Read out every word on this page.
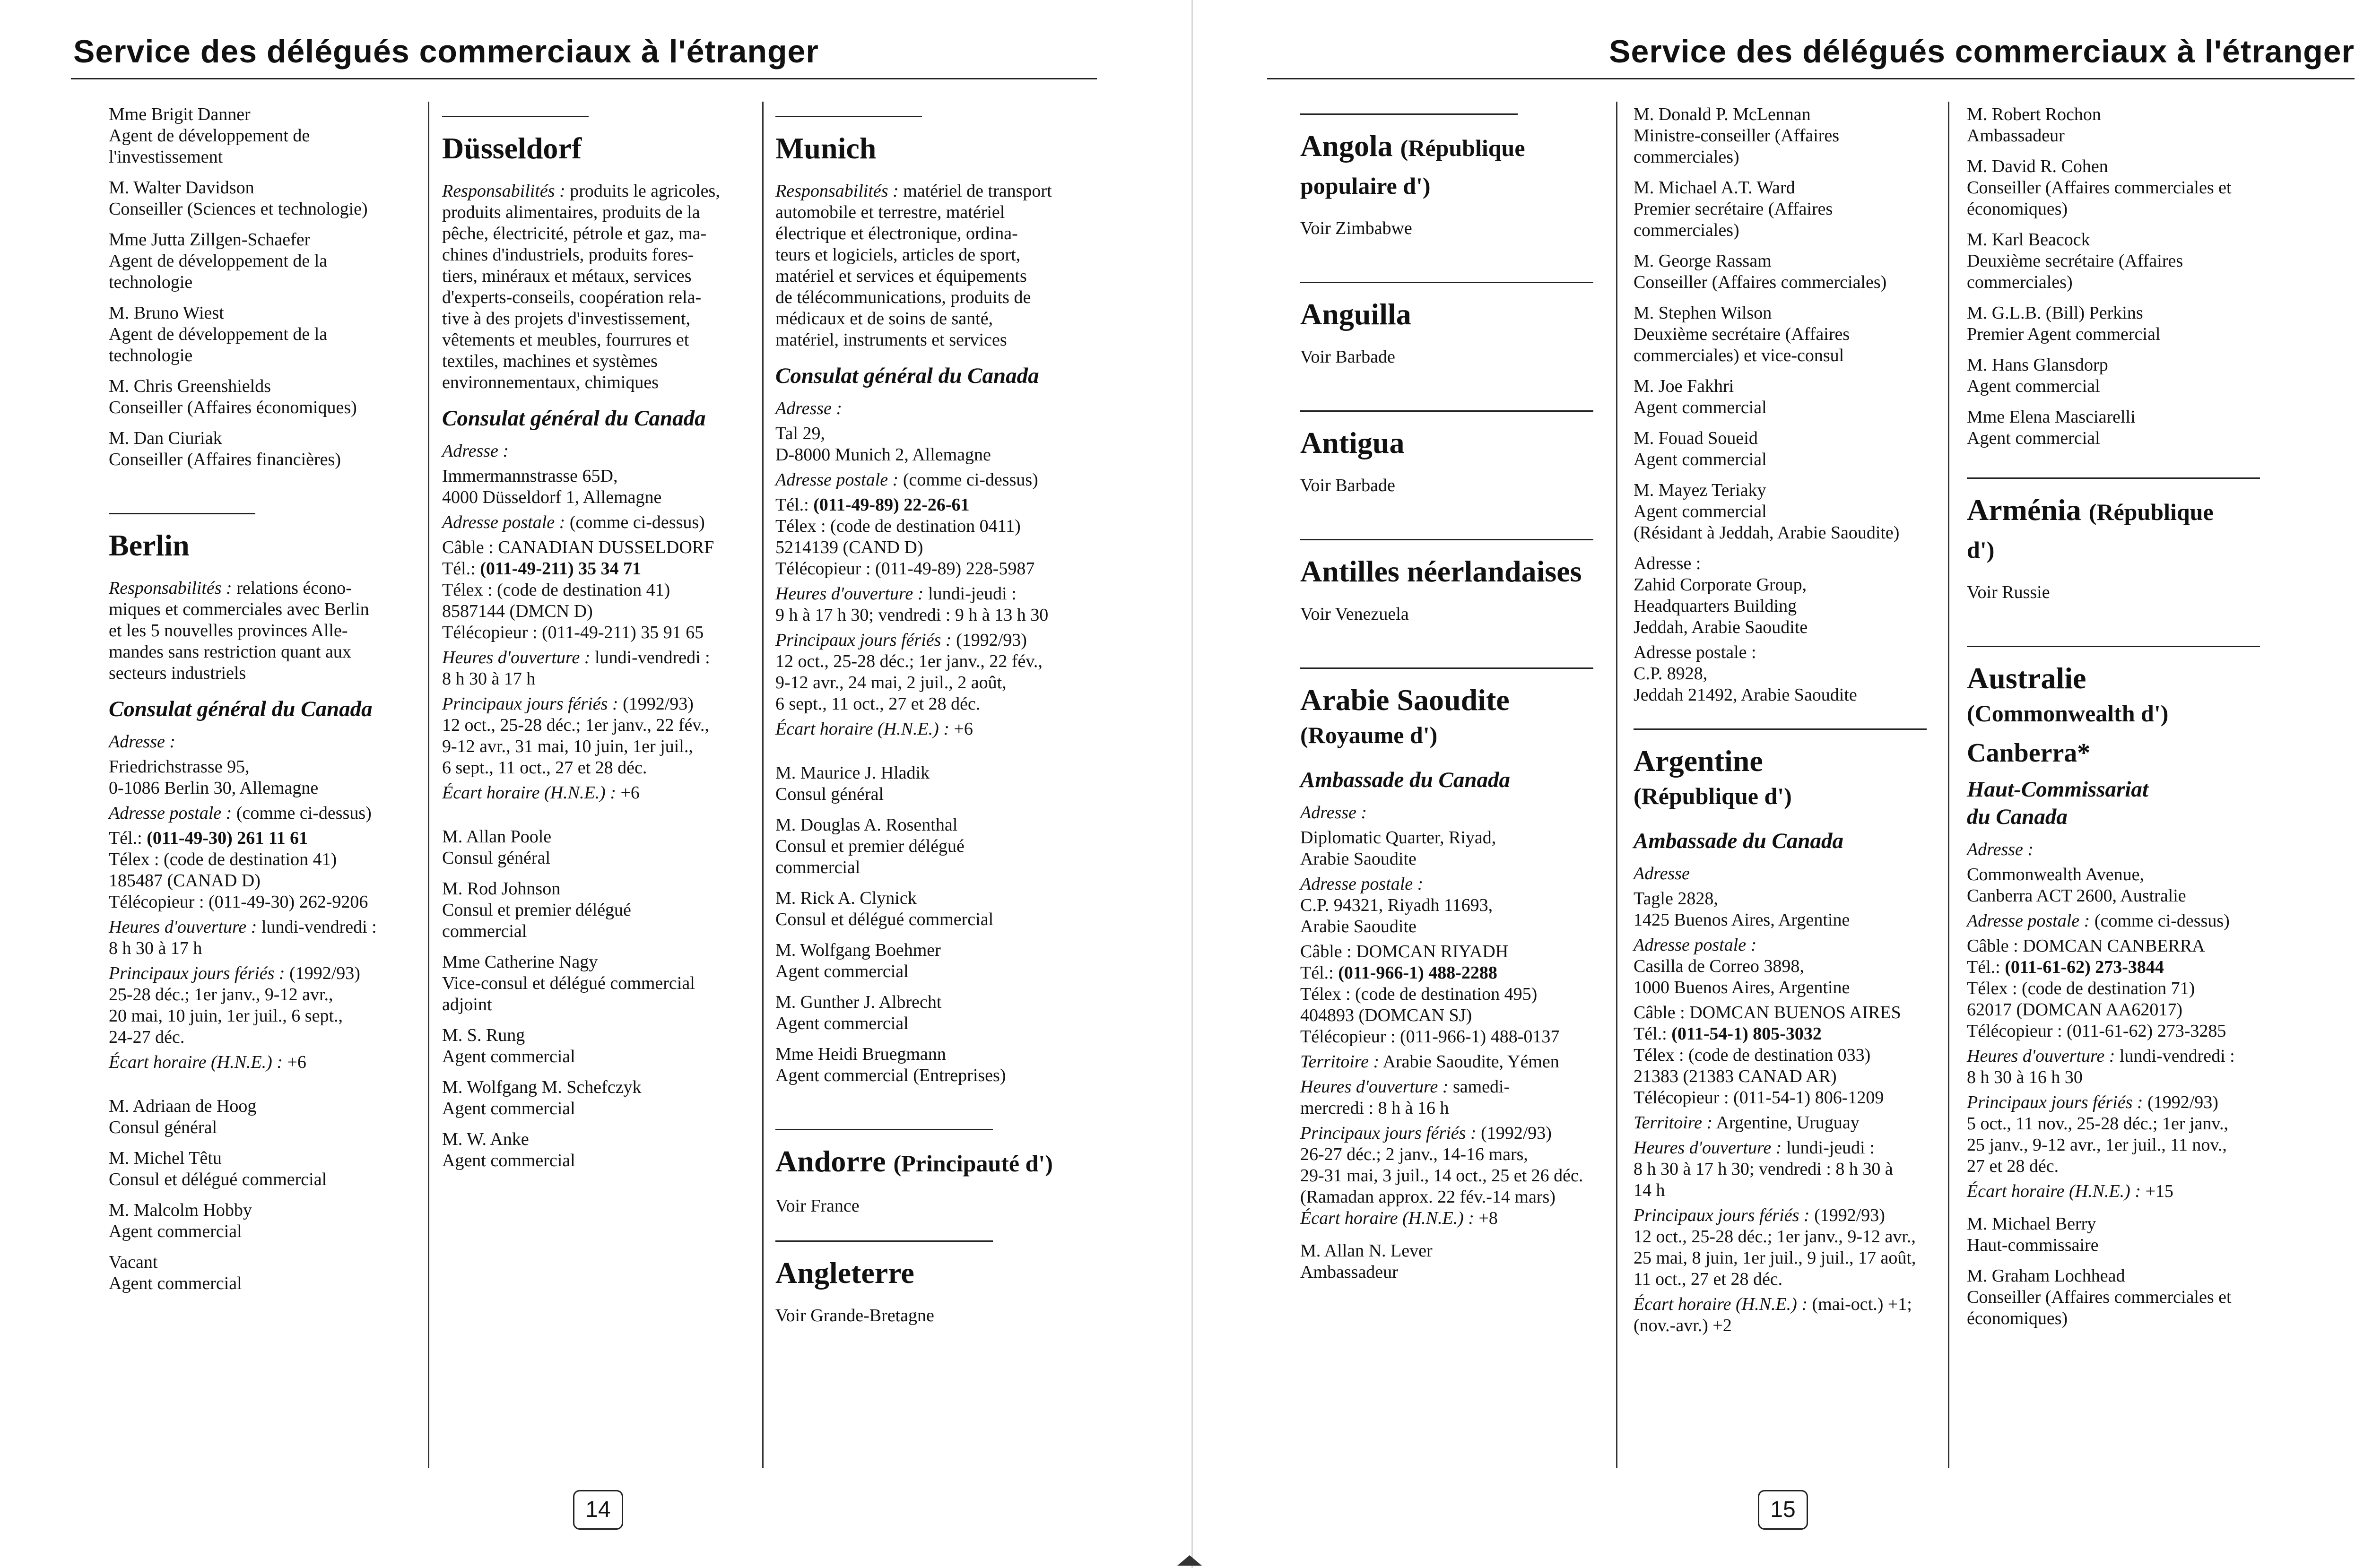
Service des délégués commerciaux à l'étranger
Mme Brigit Danner
Agent de développement de
l'investissement
M. Walter Davidson
Conseiller (Sciences et technologie)
Mme Jutta Zillgen-Schaefer
Agent de développement de la
technologie
M. Bruno Wiest
Agent de développement de la
technologie
M. Chris Greenshields
Conseiller (Affaires économiques)
M. Dan Ciuriak
Conseiller (Affaires financières)
Berlin
Responsabilités : relations écono-
miques et commerciales avec Berlin
et les 5 nouvelles provinces Alle-
mandes sans restriction quant aux
secteurs industriels
Consulat général du Canada
Adresse :
Friedrichstrasse 95,
0-1086 Berlin 30, Allemagne
Adresse postale : (comme ci-dessus)
Tél.: (011-49-30) 261 11 61
Télex : (code de destination 41)
185487 (CANAD D)
Télécopieur : (011-49-30) 262-9206
Heures d'ouverture : lundi-vendredi :
8 h 30 à 17 h
Principaux jours fériés : (1992/93)
25-28 déc.; 1er janv., 9-12 avr.,
20 mai, 10 juin, 1er juil., 6 sept.,
24-27 déc.
Écart horaire (H.N.E.) : +6
M. Adriaan de Hoog
Consul général
M. Michel Têtu
Consul et délégué commercial
M. Malcolm Hobby
Agent commercial
Vacant
Agent commercial
Düsseldorf
Responsabilités : produits le agricoles,
produits alimentaires, produits de la
pêche, électricité, pétrole et gaz, ma-
chines d'industriels, produits fores-
tiers, minéraux et métaux, services
d'experts-conseils, coopération rela-
tive à des projets d'investissement,
vêtements et meubles, fourrures et
textiles, machines et systèmes
environnementaux, chimiques
Consulat général du Canada
Adresse :
Immermannstrasse 65D,
4000 Düsseldorf 1, Allemagne
Adresse postale : (comme ci-dessus)
Câble : CANADIAN DUSSELDORF
Tél.: (011-49-211) 35 34 71
Télex : (code de destination 41)
8587144 (DMCN D)
Télécopieur : (011-49-211) 35 91 65
Heures d'ouverture : lundi-vendredi :
8 h 30 à 17 h
Principaux jours fériés : (1992/93)
12 oct., 25-28 déc.; 1er janv., 22 fév.,
9-12 avr., 31 mai, 10 juin, 1er juil.,
6 sept., 11 oct., 27 et 28 déc.
Écart horaire (H.N.E.) : +6
M. Allan Poole
Consul général
M. Rod Johnson
Consul et premier délégué
commercial
Mme Catherine Nagy
Vice-consul et délégué commercial
adjoint
M. S. Rung
Agent commercial
M. Wolfgang M. Schefczyk
Agent commercial
M. W. Anke
Agent commercial
Munich
Responsabilités : matériel de transport
automobile et terrestre, matériel
électrique et électronique, ordina-
teurs et logiciels, articles de sport,
matériel et services et équipements
de télécommunications, produits de
médicaux et de soins de santé,
matériel, instruments et services
Consulat général du Canada
Adresse :
Tal 29,
D-8000 Munich 2, Allemagne
Adresse postale : (comme ci-dessus)
Tél.: (011-49-89) 22-26-61
Télex : (code de destination 0411)
5214139 (CAND D)
Télécopieur : (011-49-89) 228-5987
Heures d'ouverture : lundi-jeudi :
9 h à 17 h 30; vendredi : 9 h à 13 h 30
Principaux jours fériés : (1992/93)
12 oct., 25-28 déc.; 1er janv., 22 fév.,
9-12 avr., 24 mai, 2 juil., 2 août,
6 sept., 11 oct., 27 et 28 déc.
Écart horaire (H.N.E.) : +6
M. Maurice J. Hladik
Consul général
M. Douglas A. Rosenthal
Consul et premier délégué
commercial
M. Rick A. Clynick
Consul et délégué commercial
M. Wolfgang Boehmer
Agent commercial
M. Gunther J. Albrecht
Agent commercial
Mme Heidi Bruegmann
Agent commercial (Entreprises)
Andorre (Principauté d')
Voir France
Angleterre
Voir Grande-Bretagne
14
Service des délégués commerciaux à l'étranger
Angola (République
populaire d')
Voir Zimbabwe
Anguilla
Voir Barbade
Antigua
Voir Barbade
Antilles néerlandaises
Voir Venezuela
Arabie Saoudite
(Royaume d')
Ambassade du Canada
Adresse :
Diplomatic Quarter, Riyad,
Arabie Saoudite
Adresse postale :
C.P. 94321, Riyadh 11693,
Arabie Saoudite
Câble : DOMCAN RIYADH
Tél.: (011-966-1) 488-2288
Télex : (code de destination 495)
404893 (DOMCAN SJ)
Télécopieur : (011-966-1) 488-0137
Territoire : Arabie Saoudite, Yémen
Heures d'ouverture : samedi-
mercredi : 8 h à 16 h
Principaux jours fériés : (1992/93)
26-27 déc.; 2 janv., 14-16 mars,
29-31 mai, 3 juil., 14 oct., 25 et 26 déc.
(Ramadan approx. 22 fév.-14 mars)
Écart horaire (H.N.E.) : +8
M. Allan N. Lever
Ambassadeur
M. Donald P. McLennan
Ministre-conseiller (Affaires
commerciales)
M. Michael A.T. Ward
Premier secrétaire (Affaires
commerciales)
M. George Rassam
Conseiller (Affaires commerciales)
M. Stephen Wilson
Deuxième secrétaire (Affaires
commerciales) et vice-consul
M. Joe Fakhri
Agent commercial
M. Fouad Soueid
Agent commercial
M. Mayez Teriaky
Agent commercial
(Résidant à Jeddah, Arabie Saoudite)
Adresse :
Zahid Corporate Group,
Headquarters Building
Jeddah, Arabie Saoudite
Adresse postale :
C.P. 8928,
Jeddah 21492, Arabie Saoudite
Argentine
(République d')
Ambassade du Canada
Adresse
Tagle 2828,
1425 Buenos Aires, Argentine
Adresse postale :
Casilla de Correo 3898,
1000 Buenos Aires, Argentine
Câble : DOMCAN BUENOS AIRES
Tél.: (011-54-1) 805-3032
Télex : (code de destination 033)
21383 (21383 CANAD AR)
Télécopieur : (011-54-1) 806-1209
Territoire : Argentine, Uruguay
Heures d'ouverture : lundi-jeudi :
8 h 30 à 17 h 30; vendredi : 8 h 30 à
14 h
Principaux jours fériés : (1992/93)
12 oct., 25-28 déc.; 1er janv., 9-12 avr.,
25 mai, 8 juin, 1er juil., 9 juil., 17 août,
11 oct., 27 et 28 déc.
Écart horaire (H.N.E.) : (mai-oct.) +1;
(nov.-avr.) +2
M. Robert Rochon
Ambassadeur
M. David R. Cohen
Conseiller (Affaires commerciales et
économiques)
M. Karl Beacock
Deuxième secrétaire (Affaires
commerciales)
M. G.L.B. (Bill) Perkins
Premier Agent commercial
M. Hans Glansdorp
Agent commercial
Mme Elena Masciarelli
Agent commercial
Arménia (République
d')
Voir Russie
Australie
(Commonwealth d')
Canberra*
Haut-Commissariat
du Canada
Adresse :
Commonwealth Avenue,
Canberra ACT 2600, Australie
Adresse postale : (comme ci-dessus)
Câble : DOMCAN CANBERRA
Tél.: (011-61-62) 273-3844
Télex : (code de destination 71)
62017 (DOMCAN AA62017)
Télécopieur : (011-61-62) 273-3285
Heures d'ouverture : lundi-vendredi :
8 h 30 à 16 h 30
Principaux jours fériés : (1992/93)
5 oct., 11 nov., 25-28 déc.; 1er janv.,
25 janv., 9-12 avr., 1er juil., 11 nov.,
27 et 28 déc.
Écart horaire (H.N.E.) : +15
M. Michael Berry
Haut-commissaire
M. Graham Lochhead
Conseiller (Affaires commerciales et
économiques)
15
